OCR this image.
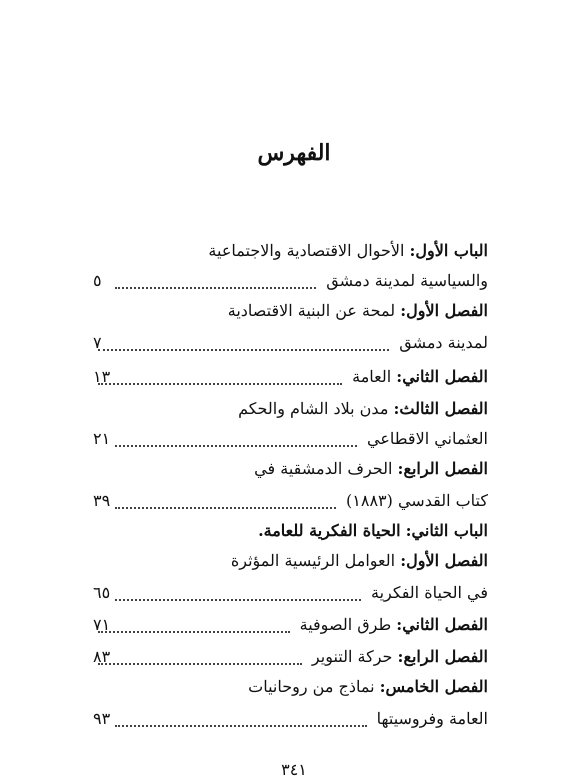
الفهرس
الباب الأول: الأحوال الاقتصادية والاجتماعية
والسياسية لمدينة دمشق
٥
الفصل الأول: لمحة عن البنية الاقتصادية
لمدينة دمشق
٧
الفصل الثاني: العامة
١٣
الفصل الثالث: مدن بلاد الشام والحكم
العثماني الاقطاعي
٢١
الفصل الرابع: الحرف الدمشقية في
كتاب القدسي (١٨٨٣)
٣٩
الباب الثاني: الحياة الفكرية للعامة.
الفصل الأول: العوامل الرئيسية المؤثرة
في الحياة الفكرية
٦٥
الفصل الثاني: طرق الصوفية
٧١
الفصل الرابع: حركة التنوير
٨٣
الفصل الخامس: نماذج من روحانيات
العامة وفروسيتها
٩٣
٣٤١
